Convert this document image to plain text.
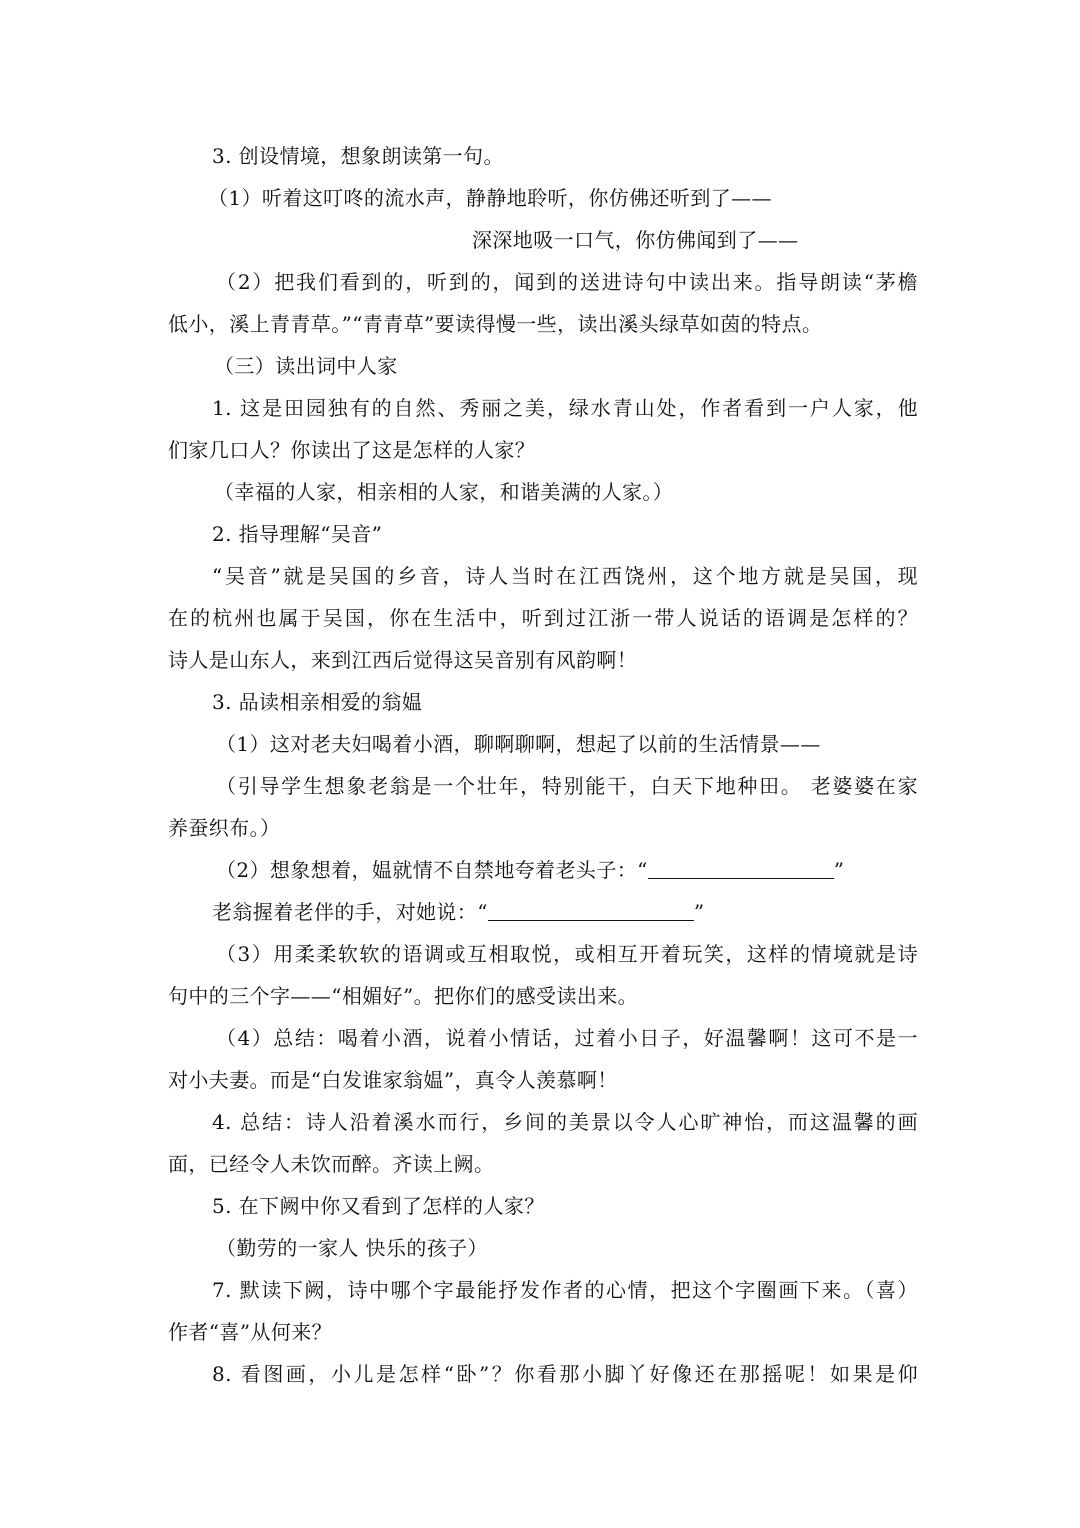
3. 创设情境，想象朗读第一句。
（1）听着这叮咚的流水声，静静地聆听，你仿佛还听到了——
深深地吸一口气，你仿佛闻到了——
（2）把我们看到的，听到的，闻到的送进诗句中读出来。指导朗读“茅檐
低小，溪上青青草。”“青青草”要读得慢一些，读出溪头绿草如茵的特点。
（三）读出词中人家
1. 这是田园独有的自然、秀丽之美，绿水青山处，作者看到一户人家，他
们家几口人？你读出了这是怎样的人家？
（幸福的人家，相亲相的人家，和谐美满的人家。）
2. 指导理解“吴音”
“吴音”就是吴国的乡音，诗人当时在江西饶州，这个地方就是吴国，现
在的杭州也属于吴国，你在生活中，听到过江浙一带人说话的语调是怎样的？
诗人是山东人，来到江西后觉得这吴音别有风韵啊！
3. 品读相亲相爱的翁媪
（1）这对老夫妇喝着小酒，聊啊聊啊，想起了以前的生活情景——
（引导学生想象老翁是一个壮年，特别能干，白天下地种田。 老婆婆在家
养蚕织布。）
（2）想象想着，媪就情不自禁地夸着老头子：“	”
老翁握着老伴的手，对她说：“	”
（3）用柔柔软软的语调或互相取悦，或相互开着玩笑，这样的情境就是诗
句中的三个字——“相媚好”。把你们的感受读出来。
（4）总结：喝着小酒，说着小情话，过着小日子，好温馨啊！这可不是一
对小夫妻。而是“白发谁家翁媪”，真令人羡慕啊！
4. 总结：诗人沿着溪水而行，乡间的美景以令人心旷神怡，而这温馨的画
面，已经令人未饮而醉。齐读上阙。
5. 在下阙中你又看到了怎样的人家？
（勤劳的一家人 快乐的孩子）
7. 默读下阙，诗中哪个字最能抒发作者的心情，把这个字圈画下来。（喜）
作者“喜”从何来？
8. 看图画，小儿是怎样“卧”？你看那小脚丫好像还在那摇呢！如果是仰
